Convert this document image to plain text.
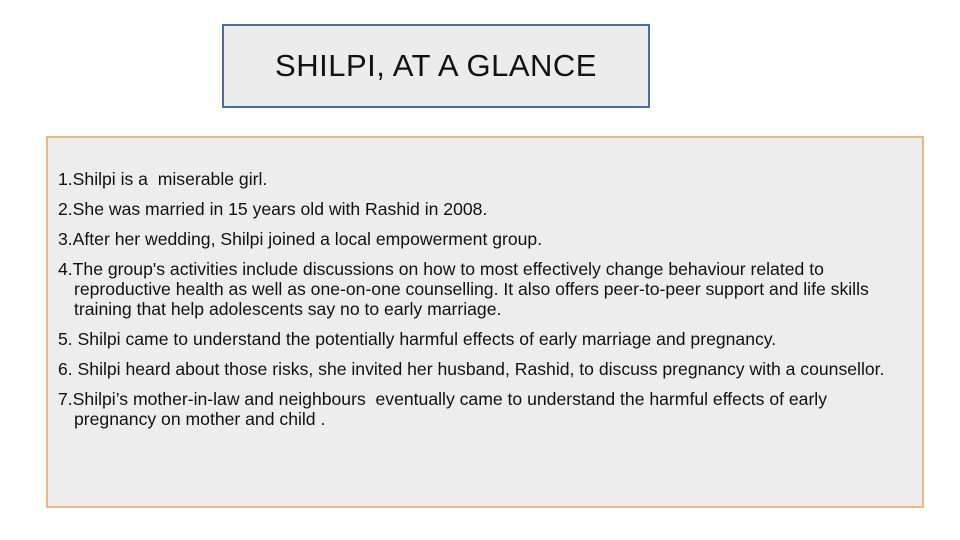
SHILPI, AT A GLANCE
1.Shilpi is a  miserable girl.
2.She was married in 15 years old with Rashid in 2008.
3.After her wedding, Shilpi joined a local empowerment group.
4.The group's activities include discussions on how to most effectively change behaviour related to reproductive health as well as one-on-one counselling. It also offers peer-to-peer support and life skills training that help adolescents say no to early marriage.
5. Shilpi came to understand the potentially harmful effects of early marriage and pregnancy.
6. Shilpi heard about those risks, she invited her husband, Rashid, to discuss pregnancy with a counsellor.
7.Shilpi’s mother-in-law and neighbours  eventually came to understand the harmful effects of early pregnancy on mother and child .
